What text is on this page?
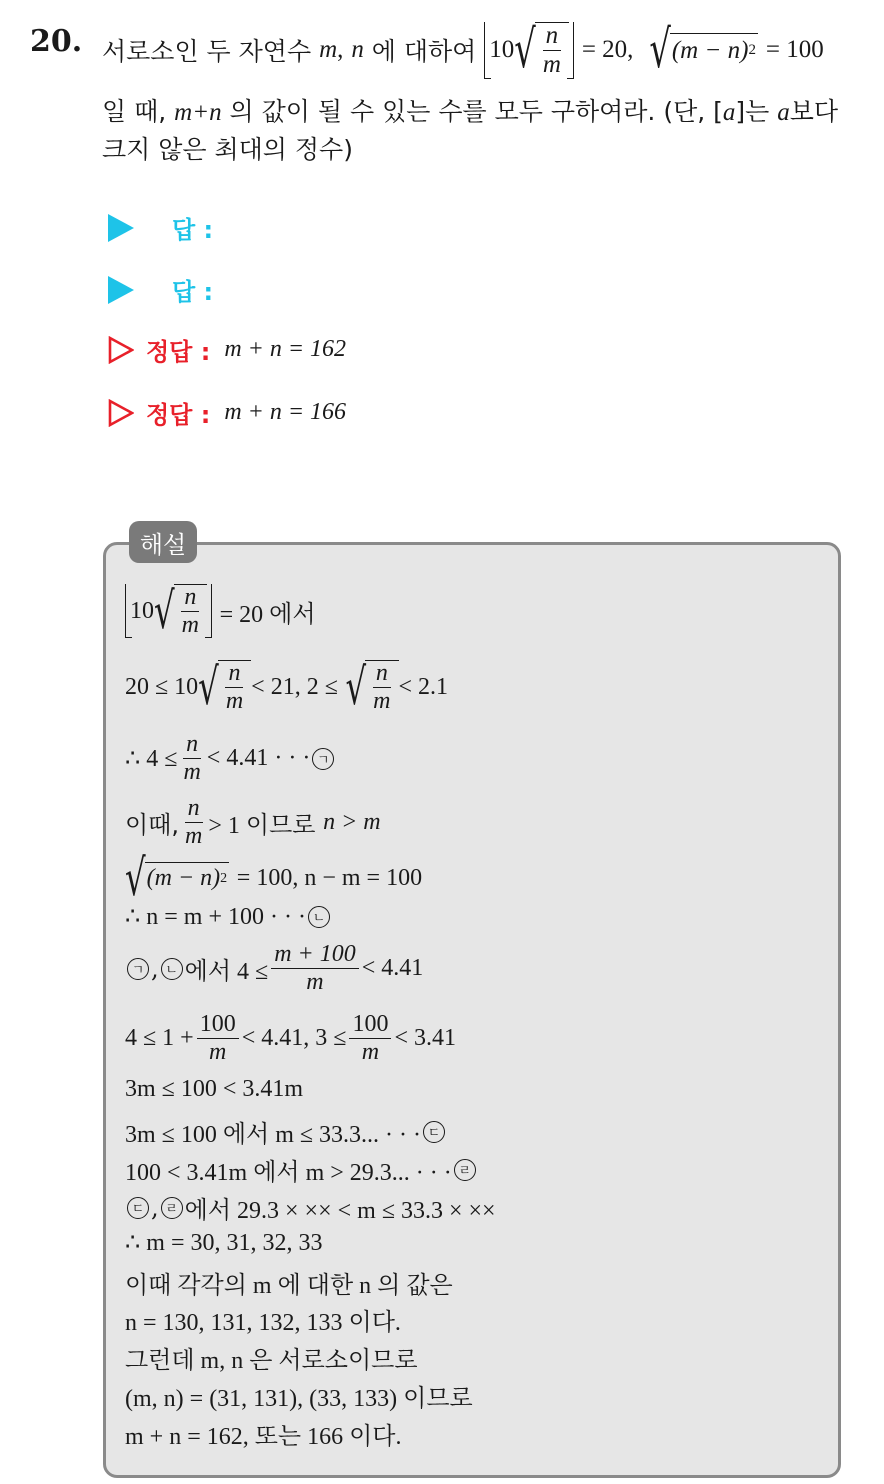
20. 서로소인 두 자연수
m ,
n
에 대하여
10 √ $\frac{n}{m}$
= 20,
√ (m − n) 2
= 100
일 때, m+n 의 값이 될 수 있는 수를 모두 구하여라. (단, [a]는 a보다
크지 않은 최대의 정수)
답 :
답 :
정답 : m + n = 162
정답 : m + n = 166
해설
10 √ $\frac{n}{m}$
= 20 에서
20 ≤ 10 √ $\frac{n}{m} < 21$, 2 ≤
√ $\frac{n}{m} < 2.1$
∴ $4 \le \frac{n}{m} < 4.41$ · · · ㄱ
이때, $\frac{n}{m} > 1$ 이므로
n > m
√ (m − n) 2
= 100, n − m = 100
∴ n = m + 100 · · · ㄴ
ㄱ , ㄴ 에서 $4 \le \frac{m + 100}{m} < 4.41$
$4 \le 1 + \frac{100}{m} < 4.41$, $3 \le \frac{100}{m} < 3.41$
3m ≤ 100 < 3.41m
3m ≤ 100 에서 m ≤ 33.3... · · · ㄷ
100 < 3.41m 에서 m > 29.3... · · · ㄹ
ㄷ , ㄹ 에서 29.3 × ×× < m ≤ 33.3 × ××
∴ m = 30, 31, 32, 33
이때 각각의 m 에 대한 n 의 값은
n = 130, 131, 132, 133 이다.
그런데 m, n 은 서로소이므로
(m, n) = (31, 131), (33, 133) 이므로
m + n = 162, 또는 166 이다.
